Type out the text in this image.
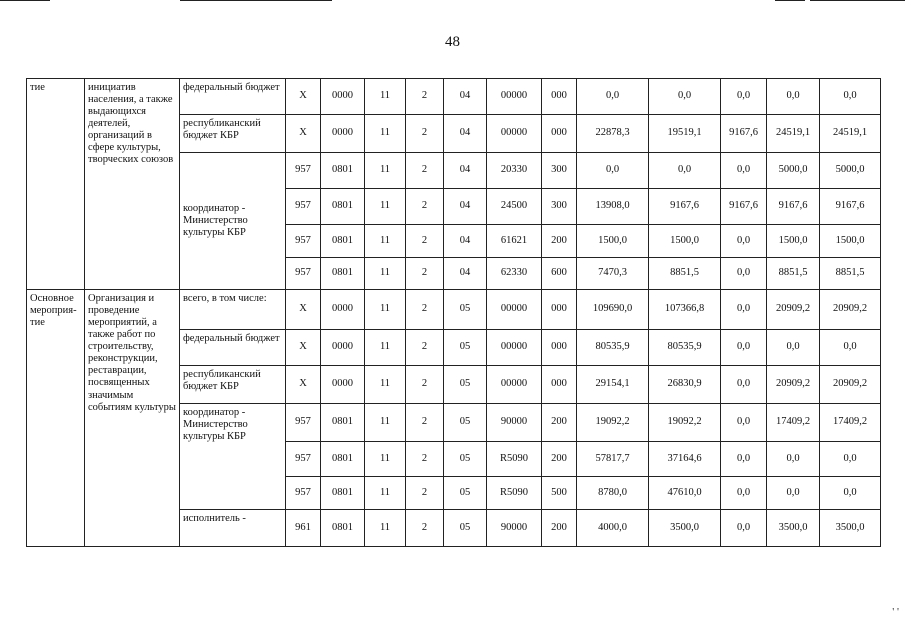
48
тие	инициатив населения, а также выдающихся деятелей, организаций в сфере культуры, творческих союзов	федеральный бюджет	X	0000	11	2	04	00000	000	0,0	0,0	0,0	0,0	0,0
		республиканский бюджет КБР	X	0000	11	2	04	00000	000	22878,3	19519,1	9167,6	24519,1	24519,1
		координатор - Министерство культуры КБР	957	0801	11	2	04	20330	300	0,0	0,0	0,0	5000,0	5000,0
			957	0801	11	2	04	24500	300	13908,0	9167,6	9167,6	9167,6	9167,6
			957	0801	11	2	04	61621	200	1500,0	1500,0	0,0	1500,0	1500,0
			957	0801	11	2	04	62330	600	7470,3	8851,5	0,0	8851,5	8851,5
Основное мероприя-тие	Организация и проведение мероприятий, а также работ по строительству, реконструкции, реставрации, посвященных значимым событиям культуры	всего, в том числе:	X	0000	11	2	05	00000	000	109690,0	107366,8	0,0	20909,2	20909,2
		федеральный бюджет	X	0000	11	2	05	00000	000	80535,9	80535,9	0,0	0,0	0,0
		республиканский бюджет КБР	X	0000	11	2	05	00000	000	29154,1	26830,9	0,0	20909,2	20909,2
		координатор - Министерство культуры КБР	957	0801	11	2	05	90000	200	19092,2	19092,2	0,0	17409,2	17409,2
			957	0801	11	2	05	R5090	200	57817,7	37164,6	0,0	0,0	0,0
			957	0801	11	2	05	R5090	500	8780,0	47610,0	0,0	0,0	0,0
		исполнитель -	961	0801	11	2	05	90000	200	4000,0	3500,0	0,0	3500,0	3500,0
' '
